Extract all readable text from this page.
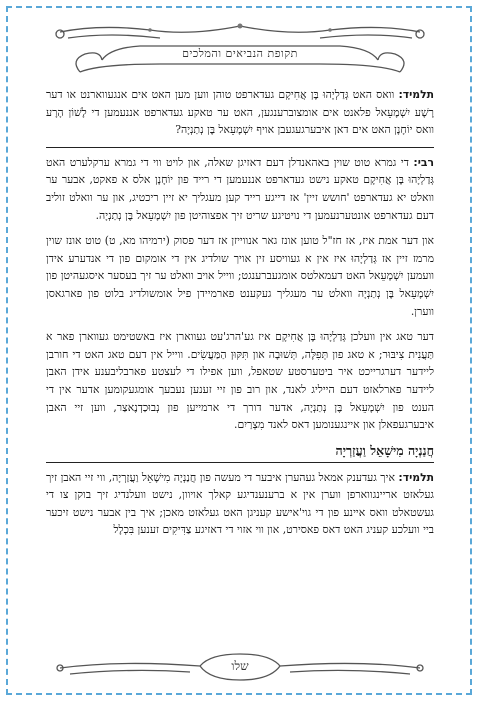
תקופת הנביאים והמלכים

תלמיד: וואס האט גְּדַלְיָהוּ בֶּן אֲחִיקָם געדארפט טוהן ווען מען האט אים אנגעווארנט או דער רָשָׁע יִשְׁמָעֵאל פלאנט אים אומצוברענגען, האט ער טאקע געדארפט אננעמען די לָשׁוֹן הָרָע וואס יוֹחָנָן האט אים דאן איבערגעגעבן אויף יִשְׁמָעֵאל בֶּן נְתַנְיָה?

רבי: די גמרא טוט שוין באהאנדלן דעם דאזיגן שאלה, און לויט ווי די גמרא ערקלערט האט גְּדַלְיָהוּ בֶּן אֲחִיקָם טאקע נישט געדארפט אננעמען די רייד פון יוֹחָנָן אלס א פאקט, אבער ער וואלט יא געדארפט 'חושש זיין' אז דייגע רייד קען מעגליך יא זיין ריכטיג, און ער וואלט זוליב דעם געדארפט אונטערנעמען די נויטיגע שריט זיך אפצוהיטן פון יִשְׁמָעֵאל בֶּן נְתַנְיָה.

און דער אמת איז, אז חז"ל טוען אונז גאר אנווייזן אז דער פסוק (ירמיהו מא, ט) טוט אונז שוין מרמז זיין אז גְּדַלְיָהוּ איז אין א געוויסע זין אויך שולדיג אין די אומקום פון די אנדערע אידן וועמען יִשְׁמָעֵאל האט דעמאלטס אומגעברענגט; ווייל אויב וואלט ער זיך בעסער איסגעהיטן פון יִשְׁמָעֵאל בֶּן נְתַנְיָה וואלט ער מעגליך געקענט פארמיידן פיל אומשולדיג בלוט פון פארגאסן ווערן.

דער טאג אין וועלכן גְּדַלְיָהוּ בֶּן אֲחִיקָם איז גע'הרג'עט געווארן איז באשטימט געווארן פאר א תַּעֲנִית צִיבּוּר; א טאג פון תְּפִלָּה, תְּשׁוּבָה און תִּקּוּן הַמַּעֲשִׂים. ווייל אין דעם טאג האט די חורבן ליידער דערגרייכט איר ביטערסטע שטאפל, ווען אפילו די לעצטע פארבליבענע אידן האבן ליידער פארלאזט דעם הייליג לאנד, און רוב פון זיי זענען נעבעך אומגעקומען אדער אין די הענט פון יִשְׁמָעֵאל בֶּן נְתַנְיָה, אדער דורך די ארמייען פון נְבוּכַדְנֶאצַר, ווען זיי האבן איבערגעפאלן און איינגענומען דאס לאנד מִצְרַיִם.

חֲנַנְיָה מִישָׁאֵל וַעֲזַרְיָה

תלמיד: איך געדענק אמאל געהערן איבער די מעשה פון חֲנַנְיָה מִישָׁאֵל וַעֲזַרְיָה, ווי זיי האבן זיך געלאזט אריינגווארפן ווערן אין א ברענענדיגע קאלך אויוון, נישט וועלנדיג זיך בוקן צו די געשטאלט וואס איינע פון די גוי'אישע קעניגן האט געלאזט מאכן; איך בין אבער נישט זיכער ביי וועלכע קעניג האט דאס פאסירט, און ווי אזוי די דאזיגע צַדִּיקִים זענען בִּכְלָל

שלו
